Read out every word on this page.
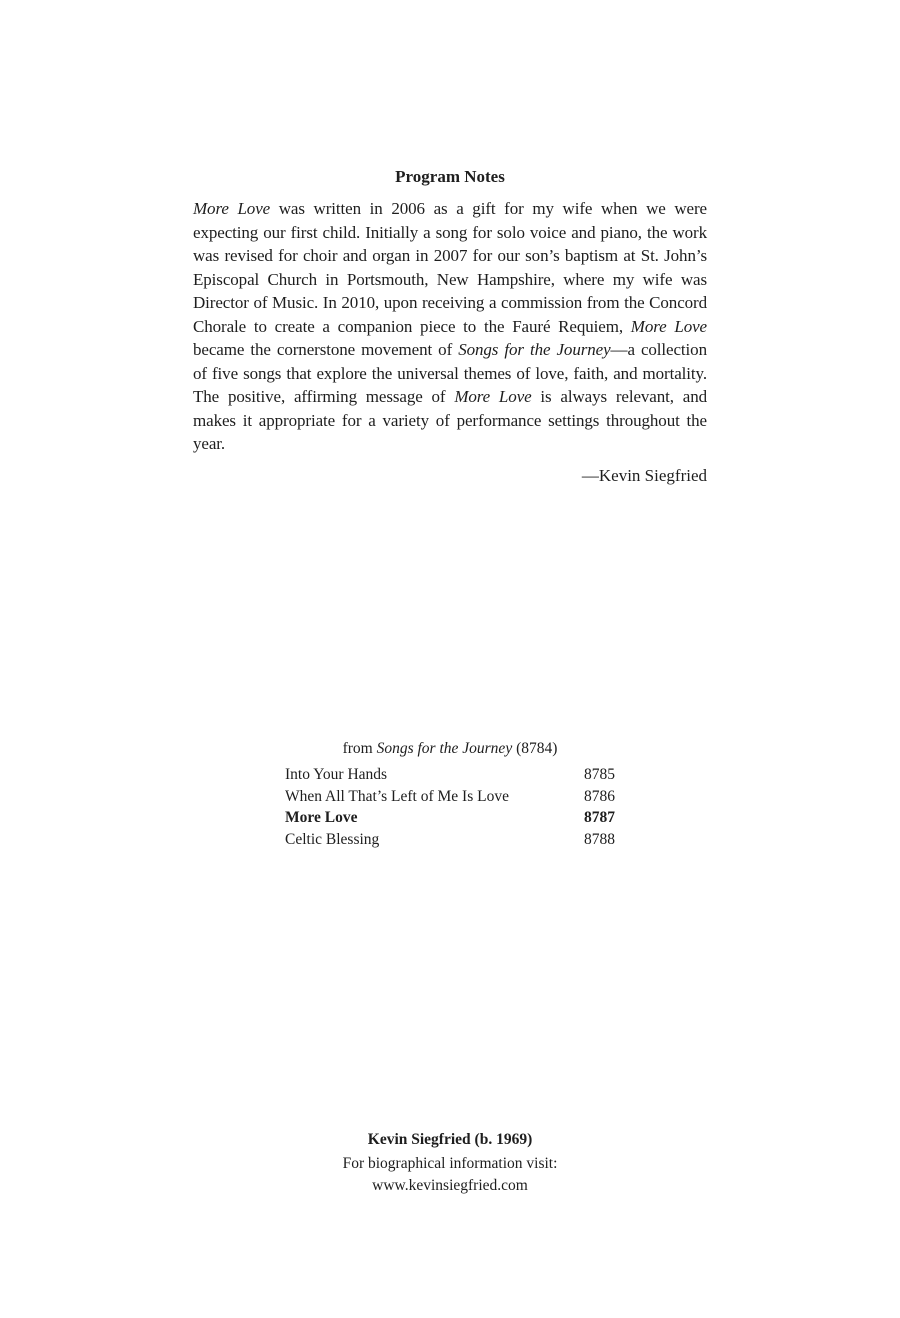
Program Notes

More Love was written in 2006 as a gift for my wife when we were expecting our first child. Initially a song for solo voice and piano, the work was revised for choir and organ in 2007 for our son’s baptism at St. John’s Episcopal Church in Portsmouth, New Hampshire, where my wife was Director of Music. In 2010, upon receiving a commission from the Concord Chorale to create a companion piece to the Fauré Requiem, More Love became the cornerstone movement of Songs for the Journey—a collection of five songs that explore the universal themes of love, faith, and mortality. The positive, affirming message of More Love is always relevant, and makes it appropriate for a variety of performance settings throughout the year.

—Kevin Siegfried
from Songs for the Journey (8784)
Into Your Hands	8785
When All That’s Left of Me Is Love	8786
More Love	8787
Celtic Blessing	8788
Kevin Siegfried (b. 1969)
For biographical information visit:
www.kevinsiegfried.com
